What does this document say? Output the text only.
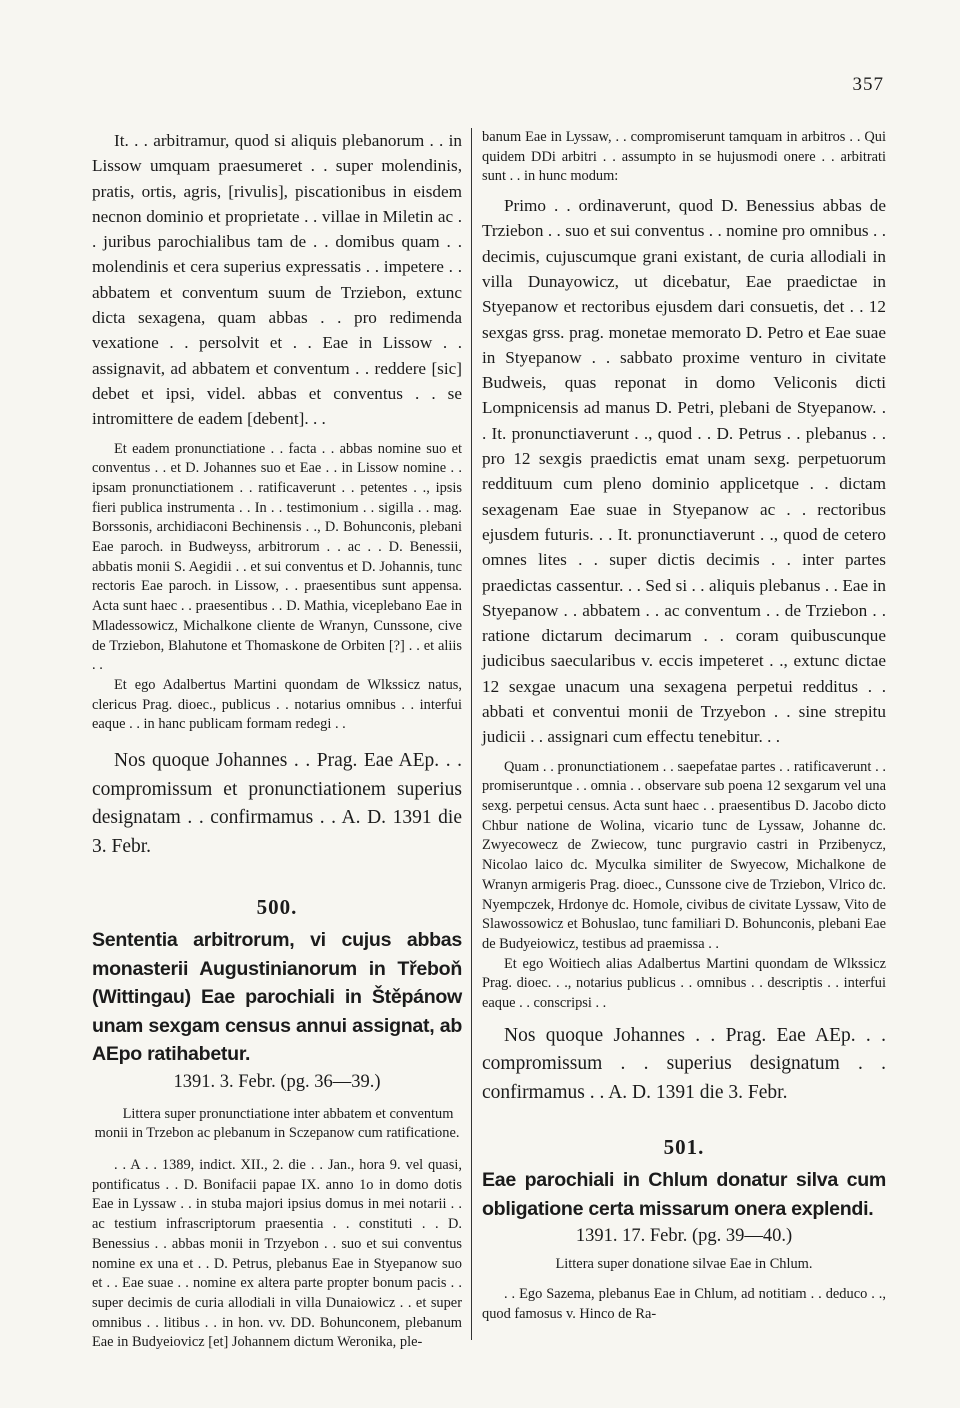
357

It. . . arbitramur, quod si aliquis plebanorum . . in Lissow umquam praesumeret . . super molendinis, pratis, ortis, agris, [rivulis], piscationibus in eisdem necnon dominio et proprietate . . villae in Miletin ac . . juribus parochialibus tam de . . domibus quam . . molendinis et cera superius expressatis . . impetere . . abbatem et conventum suum de Trziebon, extunc dicta sexagena, quam abbas . . pro redimenda vexatione . . persolvit et . . Eae in Lissow . . assignavit, ad abbatem et conventum . . reddere [sic] debet et ipsi, videl. abbas et conventus . . se intromittere de eadem [debent]. . .

Et eadem pronunctiatione . . facta . . abbas nomine suo et conventus . . et D. Johannes suo et Eae . . in Lissow nomine . . ipsam pronunctiationem . . ratificaverunt . . petentes . ., ipsis fieri publica instrumenta . . In . . testimonium . . sigilla . . mag. Borssonis, archidiaconi Bechinensis . ., D. Bohunconis, plebani Eae paroch. in Budweyss, arbitrorum . . ac . . D. Benessii, abbatis monii S. Aegidii . . et sui conventus et D. Johannis, tunc rectoris Eae paroch. in Lissow, . . praesentibus sunt appensa. Acta sunt haec . . praesentibus . . D. Mathia, viceplebano Eae in Mladessowicz, Michalkone cliente de Wranyn, Cunssone, cive de Trziebon, Blahutone et Thomaskone de Orbiten [?] . . et aliis . .

Et ego Adalbertus Martini quondam de Wlkssicz natus, clericus Prag. dioec., publicus . . notarius omnibus . . interfui eaque . . in hanc publicam formam redegi . .

Nos quoque Johannes . . Prag. Eae AEp. . . compromissum et pronunctiationem superius designatam . . confirmamus . . A. D. 1391 die 3. Febr.

500.

Sententia arbitrorum, vi cujus abbas monasterii Augustinianorum in Třeboň (Wittingau) Eae parochiali in Štěpánow unam sexgam census annui assignat, ab AEpo ratihabetur.

1391. 3. Febr. (pg. 36—39.)

Littera super pronunctiatione inter abbatem et conventum monii in Trzebon ac plebanum in Sczepanow cum ratificatione.

. . A . . 1389, indict. XII., 2. die . . Jan., hora 9. vel quasi, pontificatus . . D. Bonifacii papae IX. anno 1o in domo dotis Eae in Lyssaw . . in stuba majori ipsius domus in mei notarii . . ac testium infrascriptorum praesentia . . constituti . . D. Benessius . . abbas monii in Trzyebon . . suo et sui conventus nomine ex una et . . D. Petrus, plebanus Eae in Styepanow suo et . . Eae suae . . nomine ex altera parte propter bonum pacis . . super decimis de curia allodiali in villa Dunaiowicz . . et super omnibus . . litibus . . in hon. vv. DD. Bohunconem, plebanum Eae in Budyeiovicz [et] Johannem dictum Weronika, ple-

banum Eae in Lyssaw, . . compromiserunt tamquam in arbitros . . Qui quidem DDi arbitri . . assumpto in se hujusmodi onere . . arbitrati sunt . . in hunc modum:

Primo . . ordinaverunt, quod D. Benessius abbas de Trziebon . . suo et sui conventus . . nomine pro omnibus . . decimis, cujuscumque grani existant, de curia allodiali in villa Dunayowicz, ut dicebatur, Eae praedictae in Styepanow et rectoribus ejusdem dari consuetis, det . . 12 sexgas grss. prag. monetae memorato D. Petro et Eae suae in Styepanow . . sabbato proxime venturo in civitate Budweis, quas reponat in domo Veliconis dicti Lompnicensis ad manus D. Petri, plebani de Styepanow. . . It. pronunctiaverunt . ., quod . . D. Petrus . . plebanus . . pro 12 sexgis praedictis emat unam sexg. perpetuorum reddituum cum pleno dominio applicetque . . dictam sexagenam Eae suae in Styepanow ac . . rectoribus ejusdem futuris. . . It. pronunctiaverunt . ., quod de cetero omnes lites . . super dictis decimis . . inter partes praedictas cassentur. . . Sed si . . aliquis plebanus . . Eae in Styepanow . . abbatem . . ac conventum . . de Trziebon . . ratione dictarum decimarum . . coram quibuscunque judicibus saecularibus v. eccis impeteret . ., extunc dictae 12 sexgae unacum una sexagena perpetui redditus . . abbati et conventui monii de Trzyebon . . sine strepitu judicii . . assignari cum effectu tenebitur. . .

Quam . . pronunctiationem . . saepefatae partes . . ratificaverunt . . promiseruntque . . omnia . . observare sub poena 12 sexgarum vel una sexg. perpetui census. Acta sunt haec . . praesentibus D. Jacobo dicto Chbur natione de Wolina, vicario tunc de Lyssaw, Johanne dc. Zwyecowecz de Zwiecow, tunc purgravio castri in Przibenycz, Nicolao laico dc. Myculka similiter de Swyecow, Michalkone de Wranyn armigeris Prag. dioec., Cunssone cive de Trziebon, Vlrico dc. Nyempczek, Hrdonye dc. Homole, civibus de civitate Lyssaw, Vito de Slawossowicz et Bohuslao, tunc familiari D. Bohunconis, plebani Eae de Budyeiowicz, testibus ad praemissa . .

Et ego Woitiech alias Adalbertus Martini quondam de Wlkssicz Prag. dioec. . ., notarius publicus . . omnibus . . descriptis . . interfui eaque . . conscripsi . .

Nos quoque Johannes . . Prag. Eae AEp. . . compromissum . . superius designatum . . confirmamus . . A. D. 1391 die 3. Febr.

501.

Eae parochiali in Chlum donatur silva cum obligatione certa missarum onera explendi.

1391. 17. Febr. (pg. 39—40.)

Littera super donatione silvae Eae in Chlum.

. . Ego Sazema, plebanus Eae in Chlum, ad notitiam . . deduco . ., quod famosus v. Hinco de Ra-
